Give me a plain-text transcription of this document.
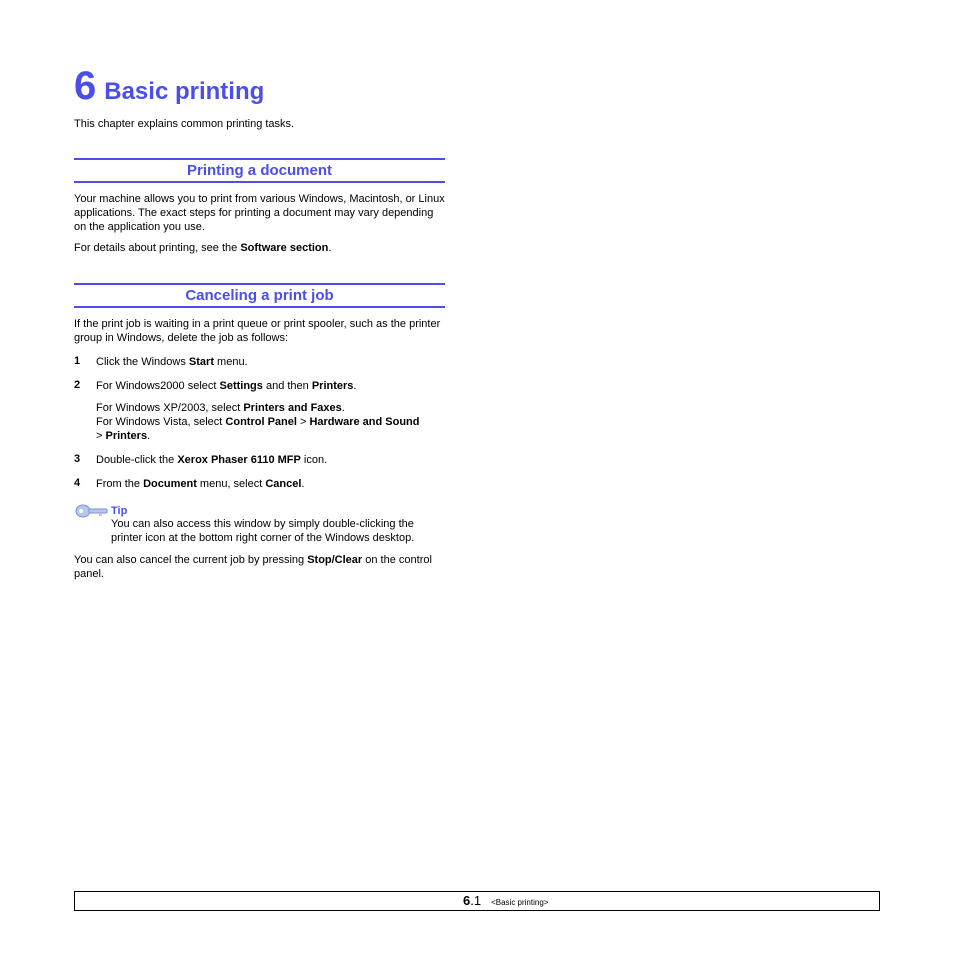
6 Basic printing
This chapter explains common printing tasks.
Printing a document
Your machine allows you to print from various Windows, Macintosh, or Linux applications. The exact steps for printing a document may vary depending on the application you use.
For details about printing, see the Software section.
Canceling a print job
If the print job is waiting in a print queue or print spooler, such as the printer group in Windows, delete the job as follows:
1 Click the Windows Start menu.
2 For Windows2000 select Settings and then Printers.
For Windows XP/2003, select Printers and Faxes.
For Windows Vista, select Control Panel > Hardware and Sound
> Printers.
3 Double-click the Xerox Phaser 6110 MFP icon.
4 From the Document menu, select Cancel.
Tip
You can also access this window by simply double-clicking the printer icon at the bottom right corner of the Windows desktop.
You can also cancel the current job by pressing Stop/Clear on the control panel.
6.1 <Basic printing>
